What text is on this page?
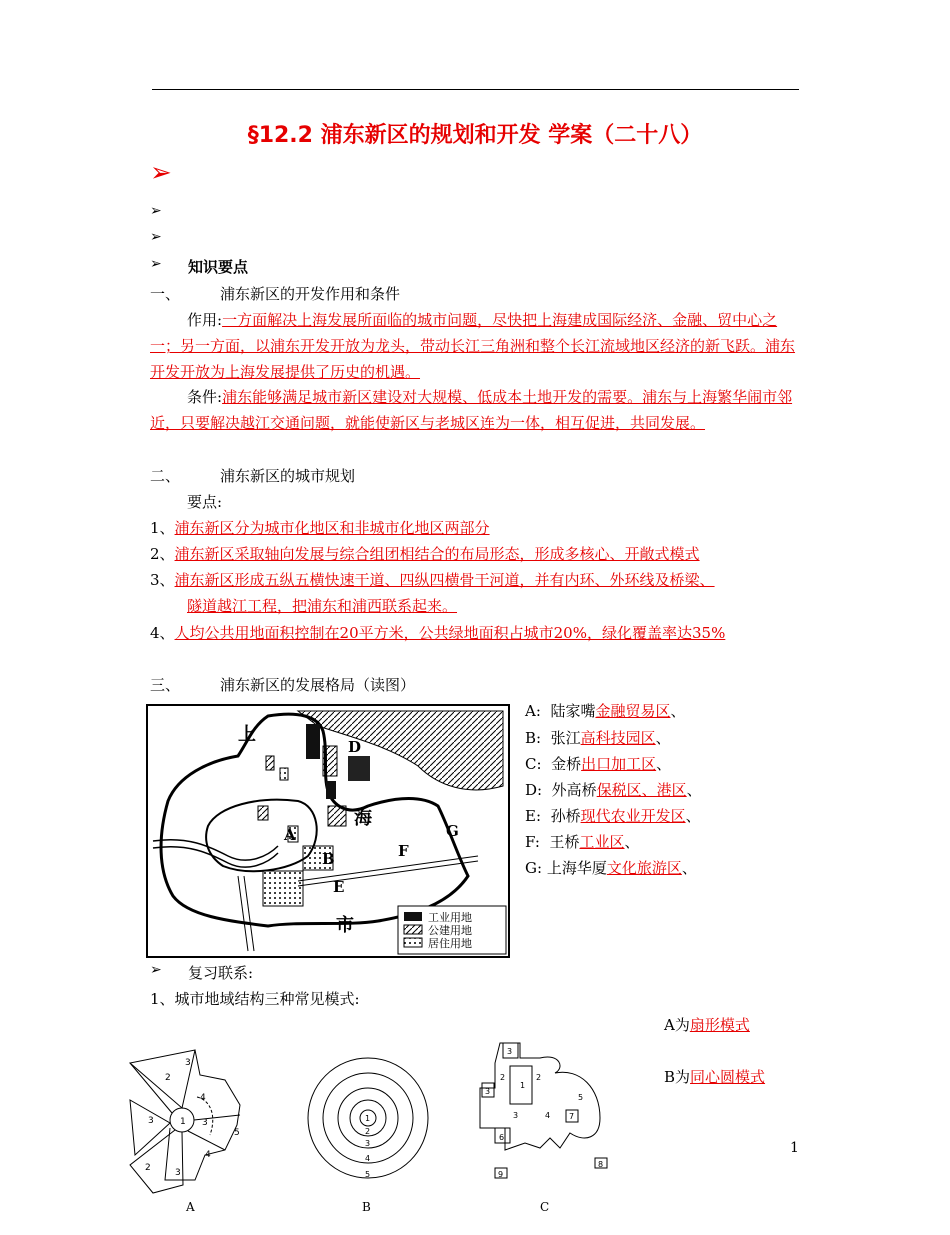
§12.2 浦东新区的规划和开发 学案（二十八）
➢
➢
➢
➢ 知识要点
一、	浦东新区的开发作用和条件
作用:一方面解决上海发展所面临的城市问题，尽快把上海建成国际经济、金融、贸中心之一；另一方面，以浦东开发开放为龙头，带动长江三角洲和整个长江流域地区经济的新飞跃。浦东开发开放为上海发展提供了历史的机遇。
条件:浦东能够满足城市新区建设对大规模、低成本土地开发的需要。浦东与上海繁华闹市邻近，只要解决越江交通问题，就能使新区与老城区连为一体，相互促进，共同发展。
二、	浦东新区的城市规划
要点:
1、浦东新区分为城市化地区和非城市化地区两部分
2、浦东新区采取轴向发展与综合组团相结合的布局形态，形成多核心、开敞式模式
3、浦东新区形成五纵五横快速干道、四纵四横骨干河道，并有内环、外环线及桥梁、
隧道越江工程，把浦东和浦西联系起来。
4、人均公共用地面积控制在20平方米，公共绿地面积占城市20%，绿化覆盖率达35%
三、	浦东新区的发展格局（读图）
上
海
市
A
B
D
E
F
G
工业用地
公建用地
居住用地
A: 陆家嘴金融贸易区、
B: 张江高科技园区、
C: 金桥出口加工区、
D: 外高桥保税区、港区、
E: 孙桥现代农业开发区、
F: 王桥工业区、
G: 上海华厦文化旅游区、
➢ 复习联系:
1、城市地域结构三种常见模式:
A为扇形模式
B为同心圆模式
3
2
4
3	1 3
5
4
2	3
1
2
3
4
5
3
2
1
2
3
3	4
5
7
6
9
8
A	B	C
1
